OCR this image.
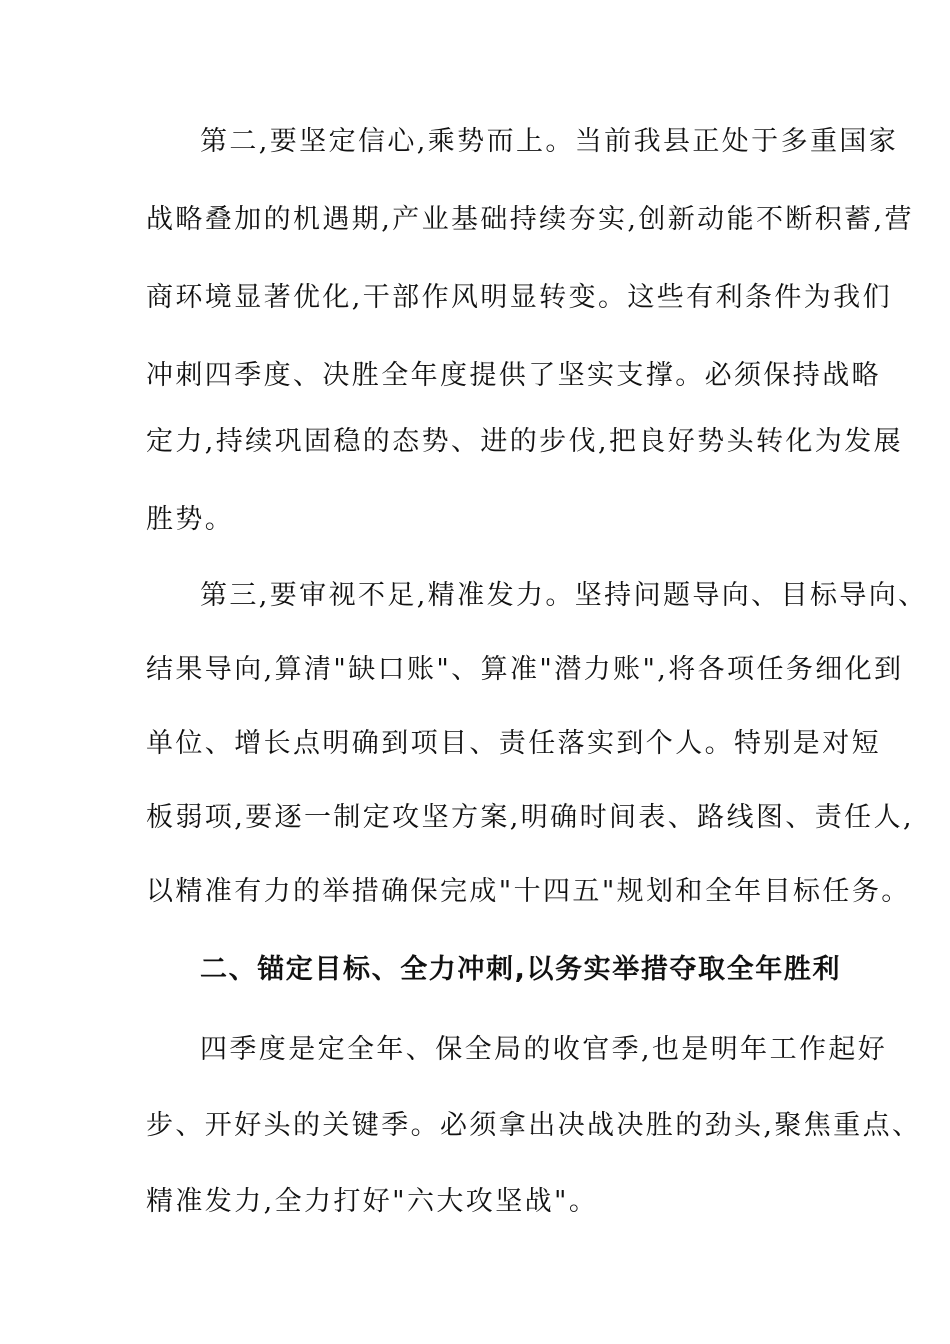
第二,要坚定信心,乘势而上。当前我县正处于多重国家
战略叠加的机遇期,产业基础持续夯实,创新动能不断积蓄,营
商环境显著优化,干部作风明显转变。这些有利条件为我们
冲刺四季度、决胜全年度提供了坚实支撑。必须保持战略
定力,持续巩固稳的态势、进的步伐,把良好势头转化为发展
胜势。
第三,要审视不足,精准发力。坚持问题导向、目标导向、
结果导向,算清"缺口账"、算准"潜力账",将各项任务细化到
单位、增长点明确到项目、责任落实到个人。特别是对短
板弱项,要逐一制定攻坚方案,明确时间表、路线图、责任人,
以精准有力的举措确保完成"十四五"规划和全年目标任务。
二、锚定目标、全力冲刺,以务实举措夺取全年胜利
四季度是定全年、保全局的收官季,也是明年工作起好
步、开好头的关键季。必须拿出决战决胜的劲头,聚焦重点、
精准发力,全力打好"六大攻坚战"。
